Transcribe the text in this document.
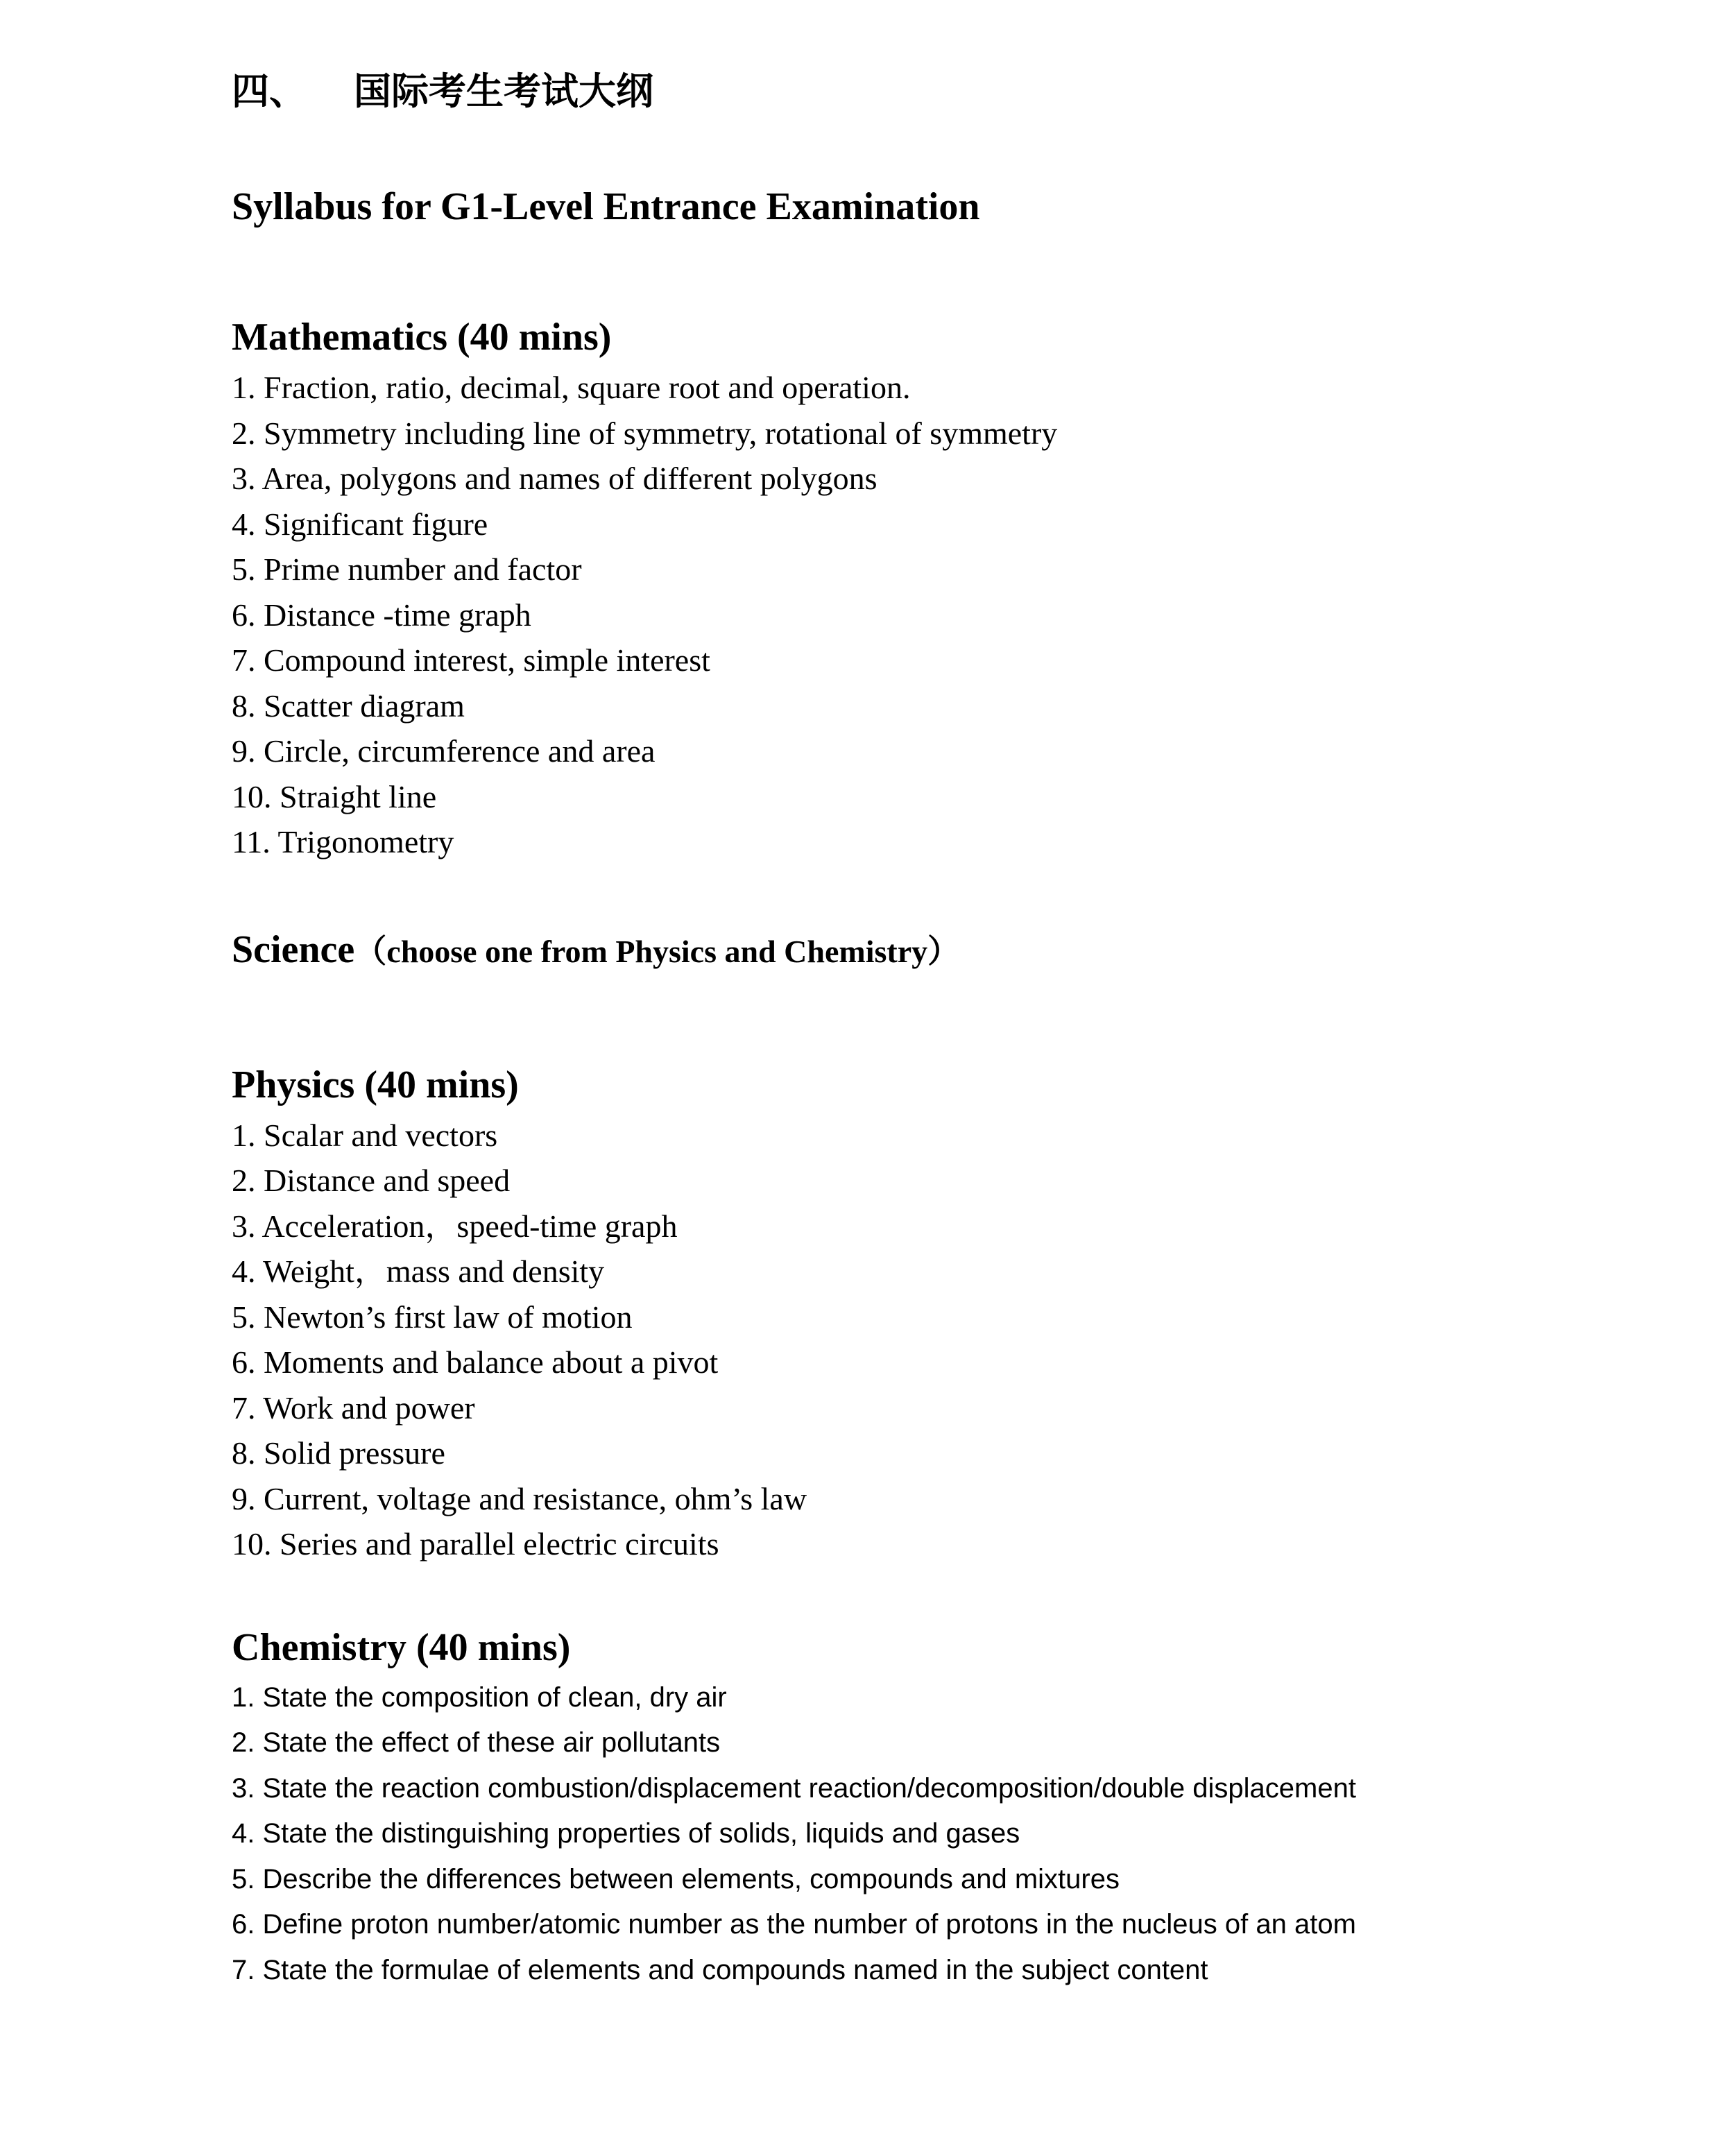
四、 国际考生考试大纲
Syllabus for G1-Level Entrance Examination
Mathematics (40 mins)
1. Fraction, ratio, decimal, square root and operation.
2. Symmetry including line of symmetry, rotational of symmetry
3. Area, polygons and names of different polygons
4. Significant figure
5. Prime number and factor
6. Distance -time graph
7. Compound interest, simple interest
8. Scatter diagram
9. Circle, circumference and area
10. Straight line
11. Trigonometry
Science（choose one from Physics and Chemistry）
Physics (40 mins)
1. Scalar and vectors
2. Distance and speed
3. Acceleration，speed-time graph
4. Weight，mass and density
5. Newton’s first law of motion
6. Moments and balance about a pivot
7. Work and power
8. Solid pressure
9. Current, voltage and resistance, ohm’s law
10. Series and parallel electric circuits
Chemistry (40 mins)
1. State the composition of clean, dry air
2. State the effect of these air pollutants
3. State the reaction combustion/displacement reaction/decomposition/double displacement
4. State the distinguishing properties of solids, liquids and gases
5. Describe the differences between elements, compounds and mixtures
6. Define proton number/atomic number as the number of protons in the nucleus of an atom
7. State the formulae of elements and compounds named in the subject content
